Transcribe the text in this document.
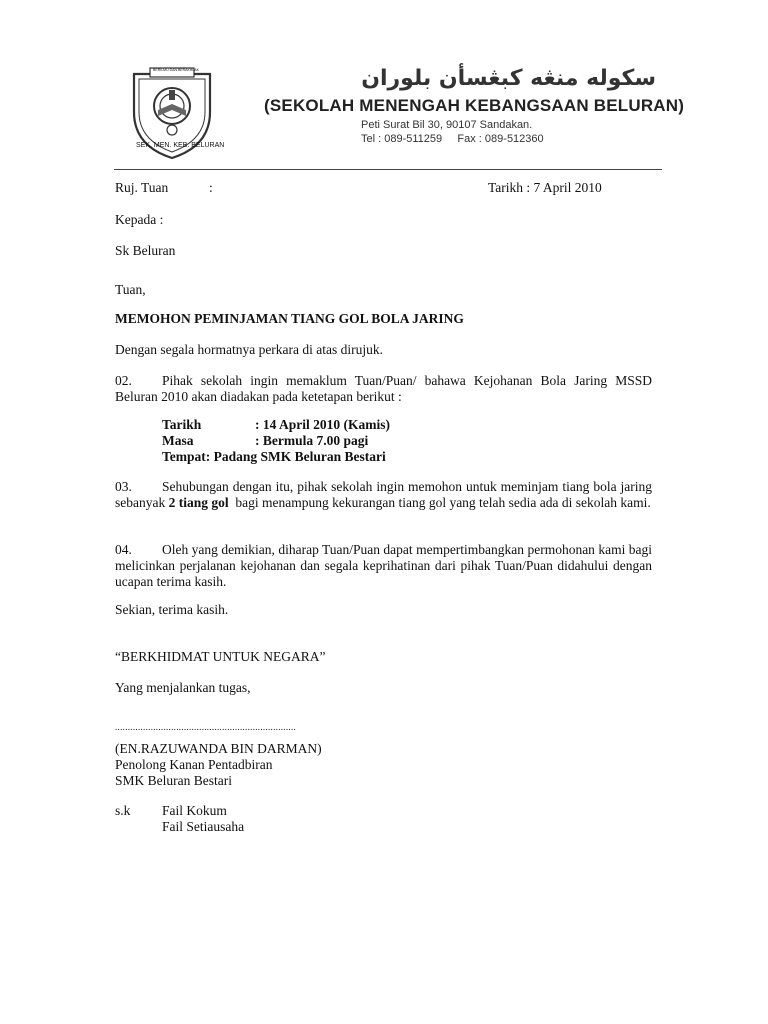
BERILMU DAN BERAKHLAK
SEK. MEN. KEB. BELURAN
سكوله منڠه كبڠسأن بلوران
(SEKOLAH MENENGAH KEBANGSAAN BELURAN)
Peti Surat Bil 30, 90107 Sandakan.
Tel : 089-511259     Fax : 089-512360
Ruj. Tuan	:	Tarikh : 7 April 2010
Kepada :
Sk Beluran
Tuan,
MEMOHON PEMINJAMAN TIANG GOL BOLA JARING
Dengan segala hormatnya perkara di atas dirujuk.
02. Pihak sekolah ingin memaklum Tuan/Puan/ bahawa Kejohanan Bola Jaring MSSD Beluran 2010 akan diadakan pada ketetapan berikut :
Tarikh	: 14 April 2010 (Kamis)
Masa	: Bermula 7.00 pagi
Tempat: Padang SMK Beluran Bestari
03. Sehubungan dengan itu, pihak sekolah ingin memohon untuk meminjam tiang bola jaring sebanyak 2 tiang gol  bagi menampung kekurangan tiang gol yang telah sedia ada di sekolah kami.
04. Oleh yang demikian, diharap Tuan/Puan dapat mempertimbangkan permohonan kami bagi melicinkan perjalanan kejohanan dan segala keprihatinan dari pihak Tuan/Puan didahului dengan ucapan terima kasih.
Sekian, terima kasih.
“BERKHIDMAT UNTUK NEGARA”
Yang menjalankan tugas,
.......................................................................
(EN.RAZUWANDA BIN DARMAN)
Penolong Kanan Pentadbiran
SMK Beluran Bestari
s.k Fail Kokum
Fail Setiausaha
